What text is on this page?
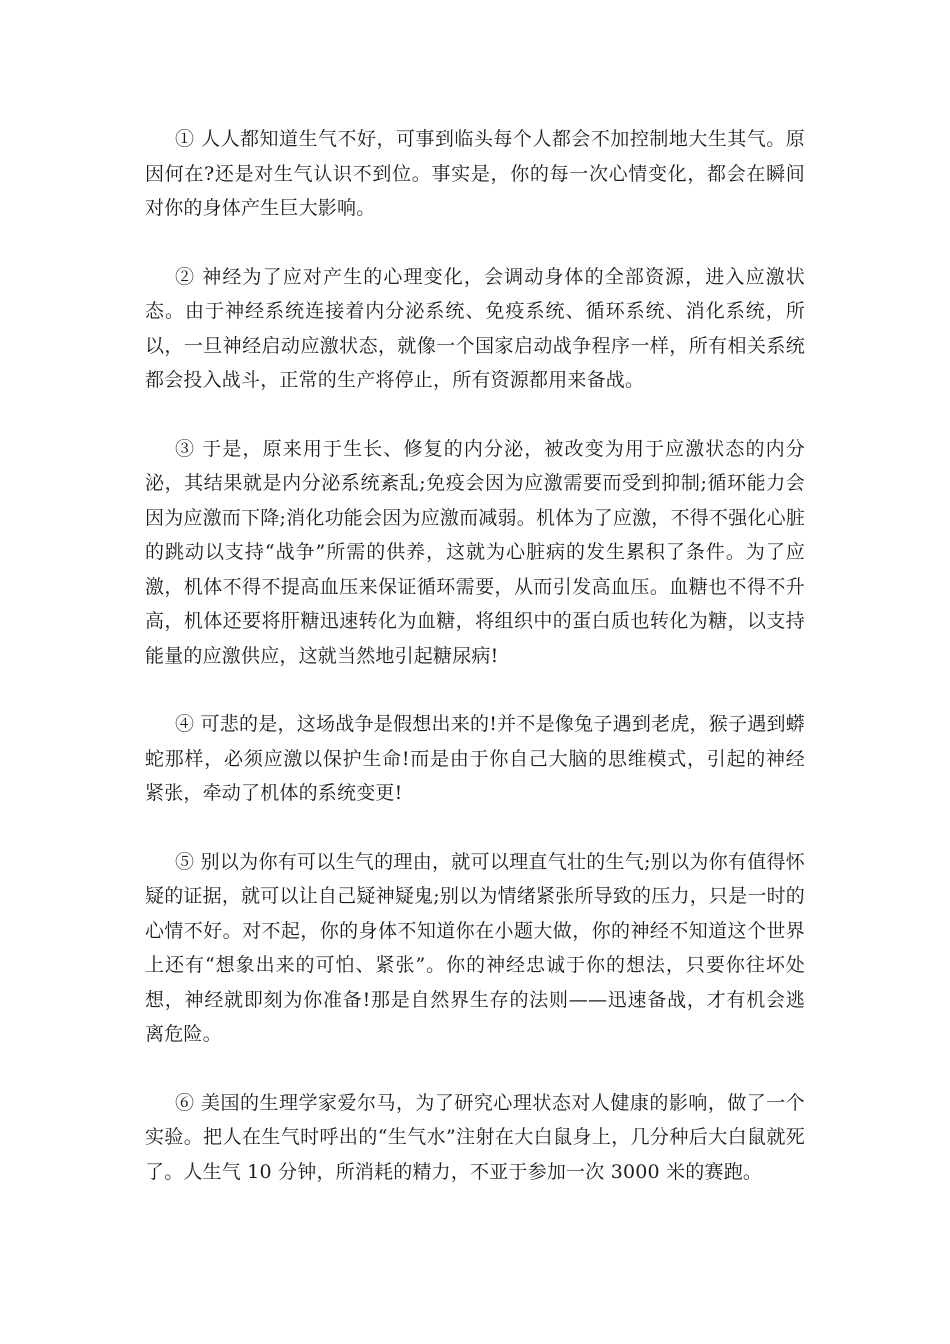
① 人人都知道生气不好，可事到临头每个人都会不加控制地大生其气。原因何在?还是对生气认识不到位。事实是，你的每一次心情变化，都会在瞬间对你的身体产生巨大影响。

② 神经为了应对产生的心理变化，会调动身体的全部资源，进入应激状态。由于神经系统连接着内分泌系统、免疫系统、循环系统、消化系统，所以，一旦神经启动应激状态，就像一个国家启动战争程序一样，所有相关系统都会投入战斗，正常的生产将停止，所有资源都用来备战。

③ 于是，原来用于生长、修复的内分泌，被改变为用于应激状态的内分泌，其结果就是内分泌系统紊乱;免疫会因为应激需要而受到抑制;循环能力会因为应激而下降;消化功能会因为应激而减弱。机体为了应激，不得不强化心脏的跳动以支持“战争”所需的供养，这就为心脏病的发生累积了条件。为了应激，机体不得不提高血压来保证循环需要，从而引发高血压。血糖也不得不升高，机体还要将肝糖迅速转化为血糖，将组织中的蛋白质也转化为糖，以支持能量的应激供应，这就当然地引起糖尿病!

④ 可悲的是，这场战争是假想出来的!并不是像兔子遇到老虎，猴子遇到蟒蛇那样，必须应激以保护生命!而是由于你自己大脑的思维模式，引起的神经紧张，牵动了机体的系统变更!

⑤ 别以为你有可以生气的理由，就可以理直气壮的生气;别以为你有值得怀疑的证据，就可以让自己疑神疑鬼;别以为情绪紧张所导致的压力，只是一时的心情不好。对不起，你的身体不知道你在小题大做，你的神经不知道这个世界上还有“想象出来的可怕、紧张”。你的神经忠诚于你的想法，只要你往坏处想，神经就即刻为你准备!那是自然界生存的法则——迅速备战，才有机会逃离危险。

⑥ 美国的生理学家爱尔马，为了研究心理状态对人健康的影响，做了一个实验。把人在生气时呼出的“生气水”注射在大白鼠身上，几分种后大白鼠就死了。人生气 10 分钟，所消耗的精力，不亚于参加一次 3000 米的赛跑。
